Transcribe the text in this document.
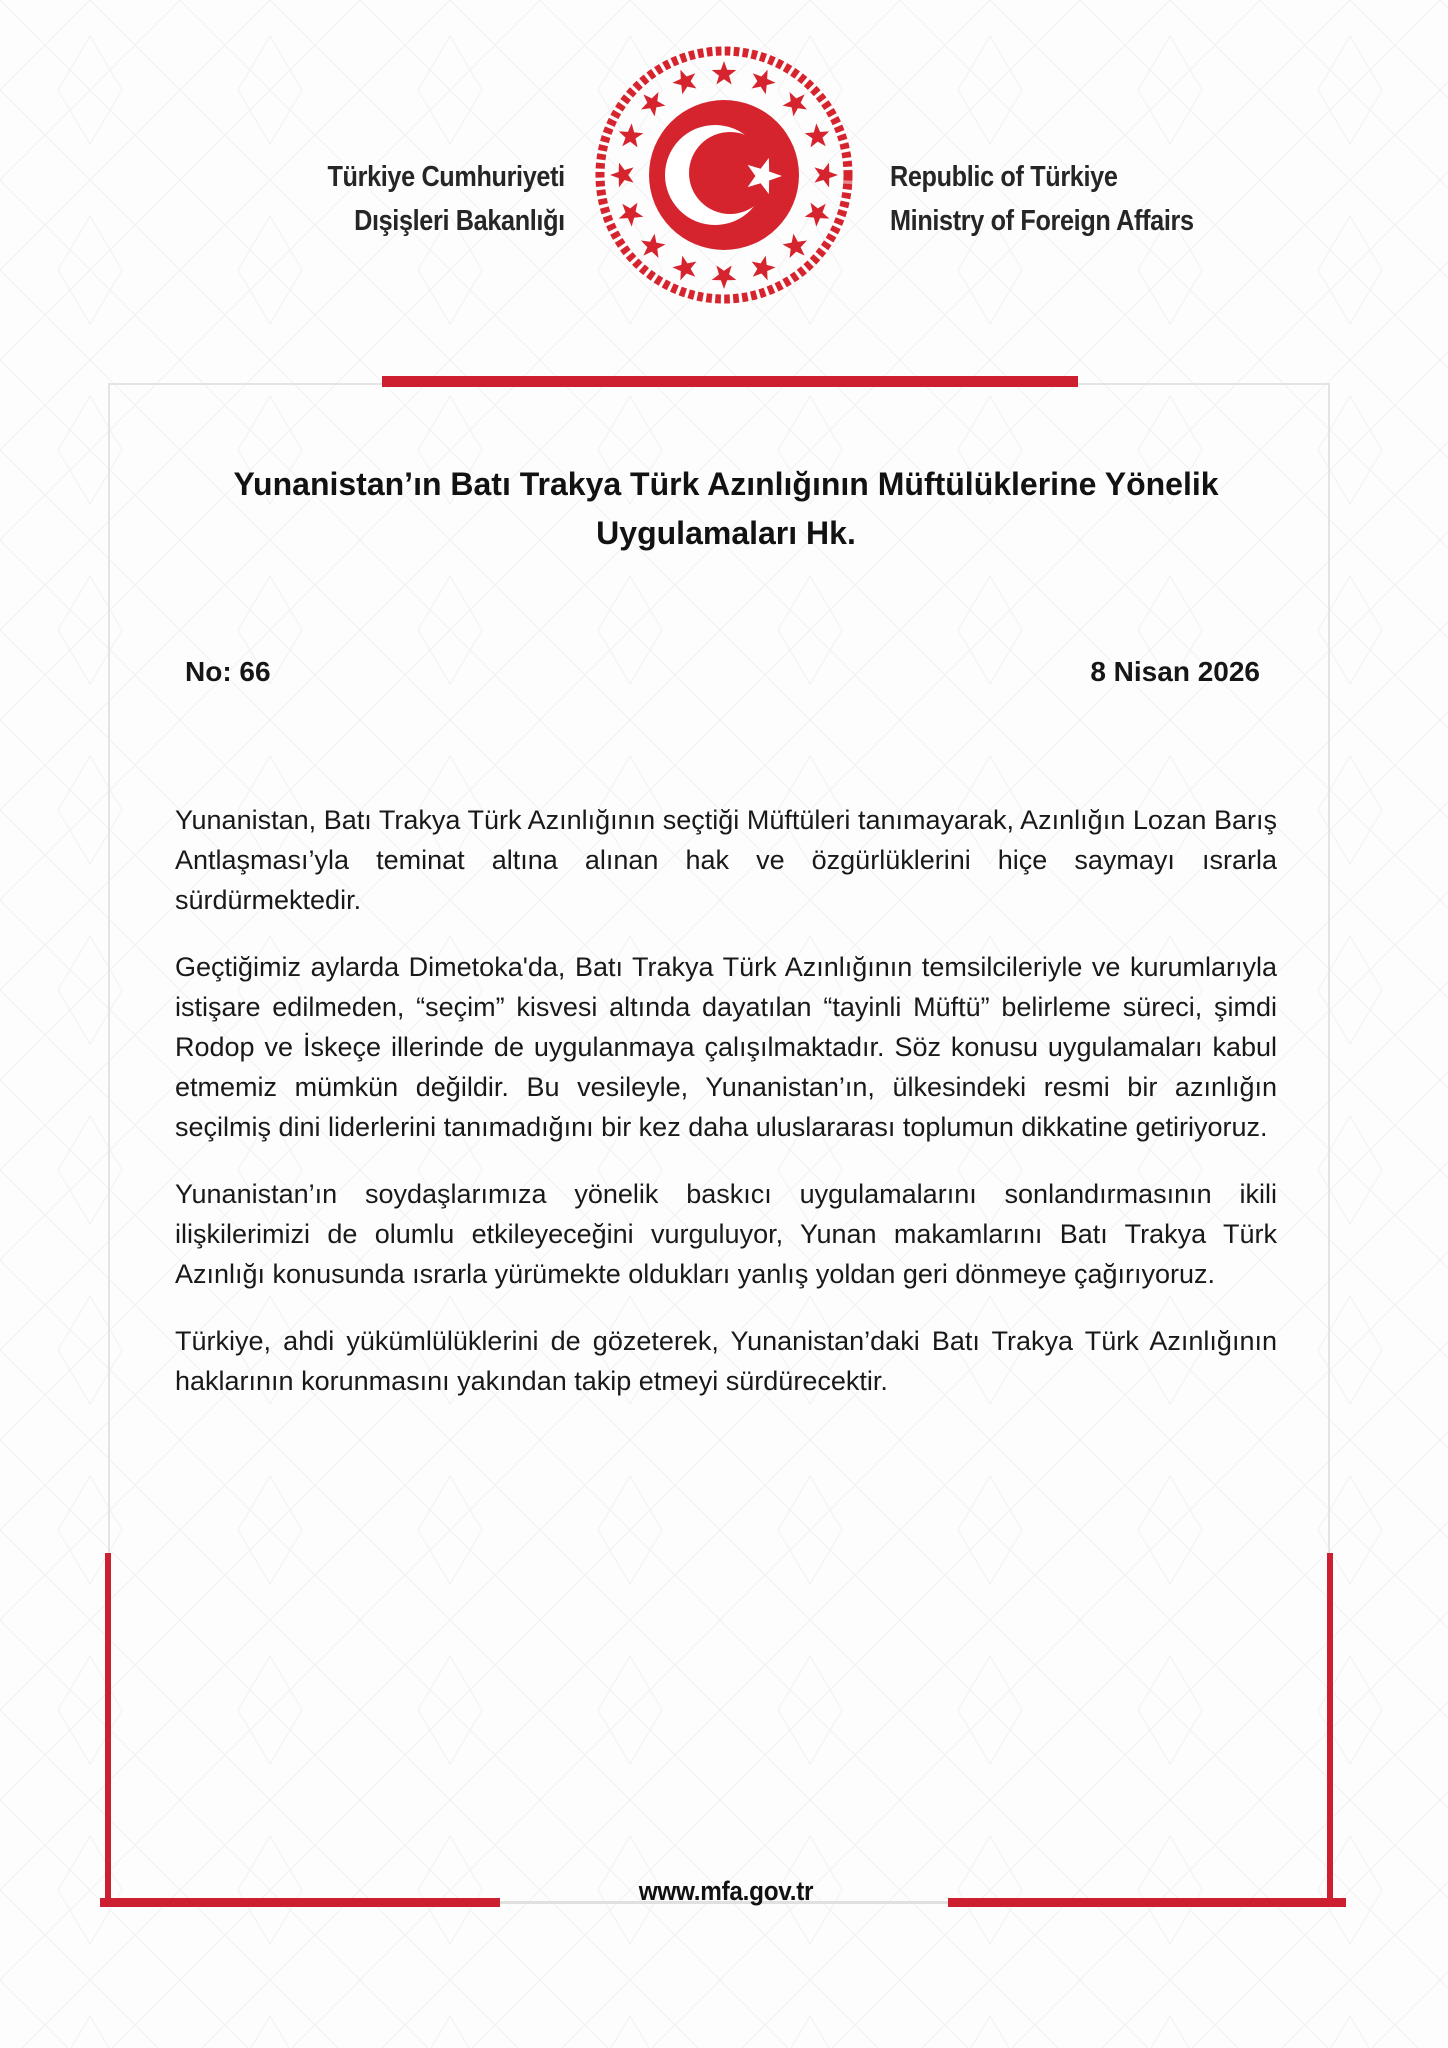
Türkiye Cumhuriyeti
Dışişleri Bakanlığı
Republic of Türkiye
Ministry of Foreign Affairs
Yunanistan’ın Batı Trakya Türk Azınlığının Müftülüklerine Yönelik
Uygulamaları Hk.
No: 66	8 Nisan 2026

Yunanistan, Batı Trakya Türk Azınlığının seçtiği Müftüleri tanımayarak, Azınlığın Lozan Barış Antlaşması’yla teminat altına alınan hak ve özgürlüklerini hiçe saymayı ısrarla sürdürmektedir.

Geçtiğimiz aylarda Dimetoka'da, Batı Trakya Türk Azınlığının temsilcileriyle ve kurumlarıyla istişare edilmeden, “seçim” kisvesi altında dayatılan “tayinli Müftü” belirleme süreci, şimdi Rodop ve İskeçe illerinde de uygulanmaya çalışılmaktadır. Söz konusu uygulamaları kabul etmemiz mümkün değildir. Bu vesileyle, Yunanistan’ın, ülkesindeki resmi bir azınlığın seçilmiş dini liderlerini tanımadığını bir kez daha uluslararası toplumun dikkatine getiriyoruz.

Yunanistan’ın soydaşlarımıza yönelik baskıcı uygulamalarını sonlandırmasının ikili ilişkilerimizi de olumlu etkileyeceğini vurguluyor, Yunan makamlarını Batı Trakya Türk Azınlığı konusunda ısrarla yürümekte oldukları yanlış yoldan geri dönmeye çağırıyoruz.

Türkiye, ahdi yükümlülüklerini de gözeterek, Yunanistan’daki Batı Trakya Türk Azınlığının haklarının korunmasını yakından takip etmeyi sürdürecektir.

www.mfa.gov.tr
